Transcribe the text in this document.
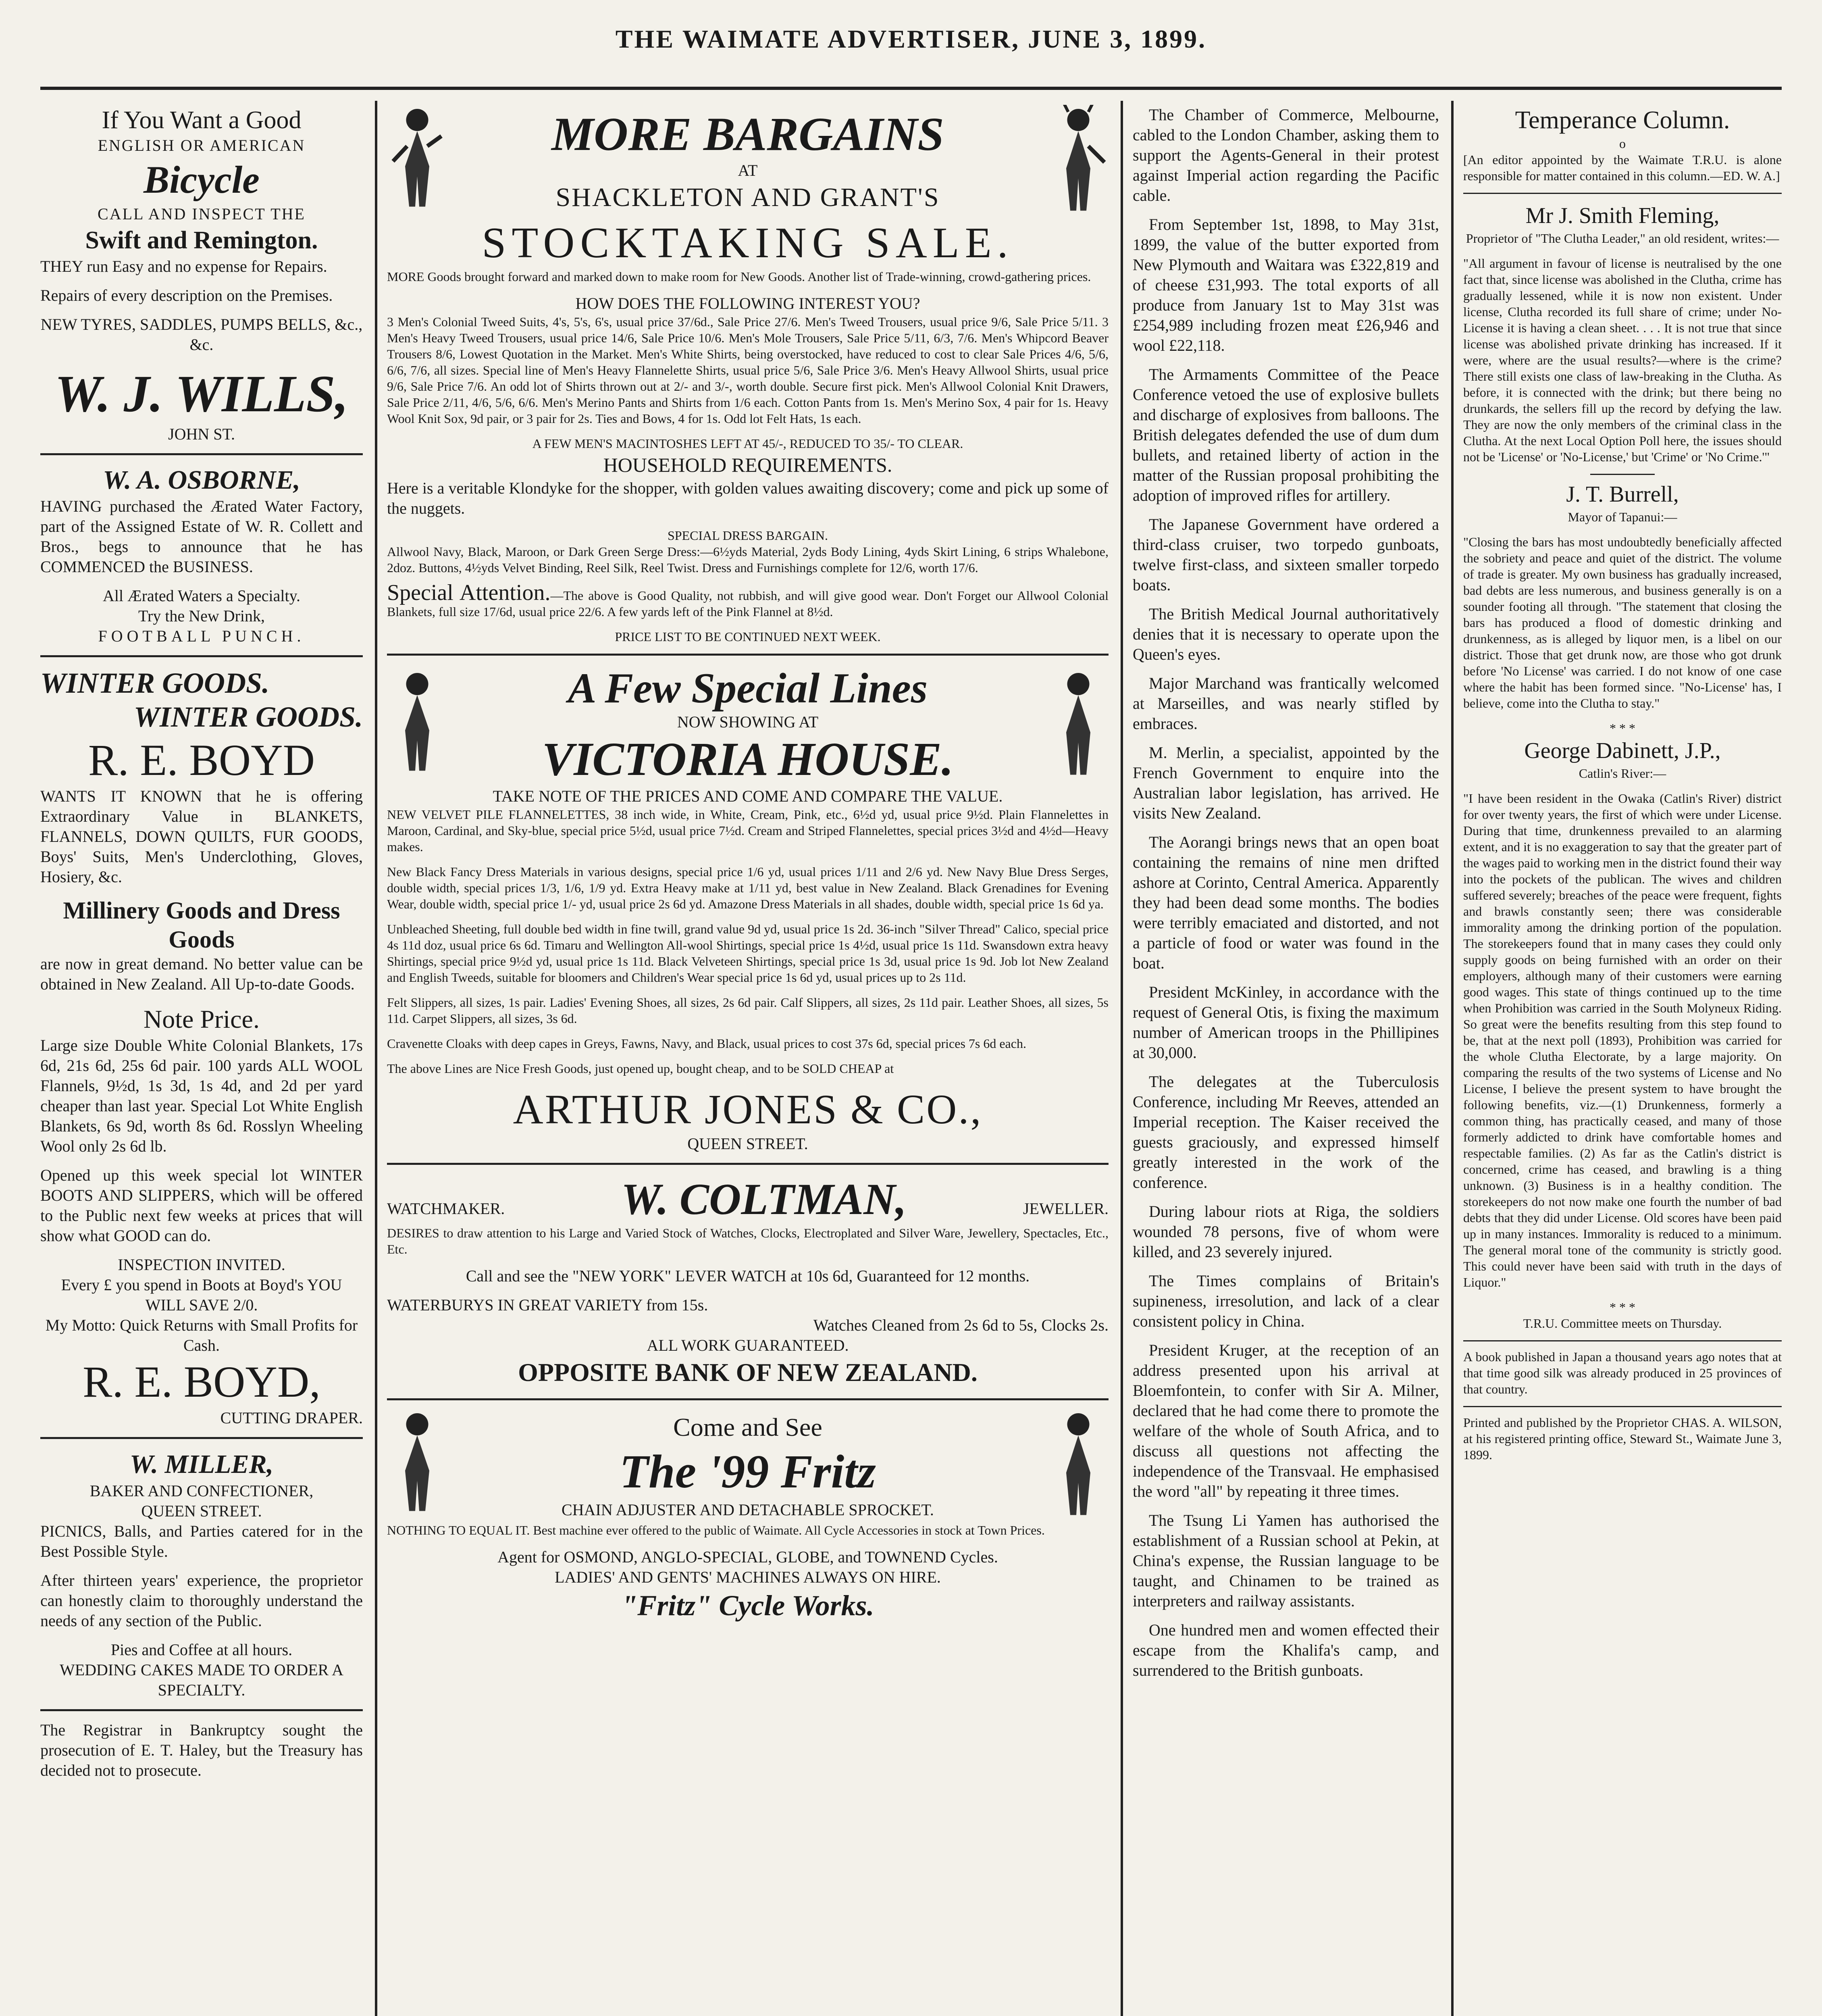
THE WAIMATE ADVERTISER, JUNE 3, 1899.
If You Want a Good
ENGLISH OR AMERICAN
Bicycle
CALL AND INSPECT THE
Swift and Remington.

THEY run Easy and no expense for Repairs.

Repairs of every description on the Premises.

NEW TYRES, SADDLES, PUMPS BELLS, &c., &c.

W. J. WILLS,
JOHN ST.
W. A. OSBORNE,

HAVING purchased the Ærated Water Factory, part of the Assigned Estate of W. R. Collett and Bros., begs to announce that he has COMMENCED the BUSINESS.

All Ærated Waters a Specialty.
Try the New Drink,
FOOTBALL PUNCH.
WINTER GOODS.
WINTER GOODS.
R. E. BOYD

WANTS IT KNOWN that he is offering Extraordinary Value in BLANKETS, FLANNELS, DOWN QUILTS, FUR GOODS, Boys' Suits, Men's Underclothing, Gloves, Hosiery, &c.

Millinery Goods and Dress Goods

are now in great demand. No better value can be obtained in New Zealand. All Up-to-date Goods.

Note Price.

Large size Double White Colonial Blankets, 17s 6d, 21s 6d, 25s 6d pair. 100 yards ALL WOOL Flannels, 9½d, 1s 3d, 1s 4d, and 2d per yard cheaper than last year. Special Lot White English Blankets, 6s 9d, worth 8s 6d. Rosslyn Wheeling Wool only 2s 6d lb.

Opened up this week special lot WINTER BOOTS AND SLIPPERS, which will be offered to the Public next few weeks at prices that will show what GOOD can do.

INSPECTION INVITED.
Every £ you spend in Boots at Boyd's YOU WILL SAVE 2/0.
My Motto: Quick Returns with Small Profits for Cash.
R. E. BOYD,
CUTTING DRAPER.
W. MILLER,
BAKER AND CONFECTIONER,
QUEEN STREET.

PICNICS, Balls, and Parties catered for in the Best Possible Style.

After thirteen years' experience, the proprietor can honestly claim to thoroughly understand the needs of any section of the Public.

Pies and Coffee at all hours.

WEDDING CAKES MADE TO ORDER A SPECIALTY.

The Registrar in Bankruptcy sought the prosecution of E. T. Haley, but the Treasury has decided not to prosecute.

MORE BARGAINS
AT
SHACKLETON AND GRANT'S
STOCKTAKING SALE.

MORE Goods brought forward and marked down to make room for New Goods. Another list of Trade-winning, crowd-gathering prices.

HOW DOES THE FOLLOWING INTEREST YOU?

3 Men's Colonial Tweed Suits, 4's, 5's, 6's, usual price 37/6d., Sale Price 27/6. Men's Tweed Trousers, usual price 9/6, Sale Price 5/11. 3 Men's Heavy Tweed Trousers, usual price 14/6, Sale Price 10/6. Men's Mole Trousers, Sale Price 5/11, 6/3, 7/6. Men's Whipcord Beaver Trousers 8/6, Lowest Quotation in the Market. Men's White Shirts, being overstocked, have reduced to cost to clear Sale Prices 4/6, 5/6, 6/6, 7/6, all sizes. Special line of Men's Heavy Flannelette Shirts, usual price 5/6, Sale Price 3/6. Men's Heavy Allwool Shirts, usual price 9/6, Sale Price 7/6. An odd lot of Shirts thrown out at 2/- and 3/-, worth double. Secure first pick. Men's Allwool Colonial Knit Drawers, Sale Price 2/11, 4/6, 5/6, 6/6. Men's Merino Pants and Shirts from 1/6 each. Cotton Pants from 1s. Men's Merino Sox, 4 pair for 1s. Heavy Wool Knit Sox, 9d pair, or 3 pair for 2s. Ties and Bows, 4 for 1s. Odd lot Felt Hats, 1s each.

A FEW MEN'S MACINTOSHES LEFT AT 45/-, REDUCED TO 35/- TO CLEAR.
HOUSEHOLD REQUIREMENTS.

Here is a veritable Klondyke for the shopper, with golden values awaiting discovery; come and pick up some of the nuggets.

SPECIAL DRESS BARGAIN.

Allwool Navy, Black, Maroon, or Dark Green Serge Dress:—6½yds Material, 2yds Body Lining, 4yds Skirt Lining, 6 strips Whalebone, 2doz. Buttons, 4½yds Velvet Binding, Reel Silk, Reel Twist. Dress and Furnishings complete for 12/6, worth 17/6.

Special Attention.—The above is Good Quality, not rubbish, and will give good wear. Don't Forget our Allwool Colonial Blankets, full size 17/6d, usual price 22/6. A few yards left of the Pink Flannel at 8½d.

PRICE LIST TO BE CONTINUED NEXT WEEK.
A Few Special Lines
NOW SHOWING AT
VICTORIA HOUSE.
TAKE NOTE OF THE PRICES AND COME AND COMPARE THE VALUE.

NEW VELVET PILE FLANNELETTES, 38 inch wide, in White, Cream, Pink, etc., 6½d yd, usual price 9½d. Plain Flannelettes in Maroon, Cardinal, and Sky-blue, special price 5½d, usual price 7½d. Cream and Striped Flannelettes, special prices 3½d and 4½d—Heavy makes.

New Black Fancy Dress Materials in various designs, special price 1/6 yd, usual prices 1/11 and 2/6 yd. New Navy Blue Dress Serges, double width, special prices 1/3, 1/6, 1/9 yd. Extra Heavy make at 1/11 yd, best value in New Zealand. Black Grenadines for Evening Wear, double width, special price 1/- yd, usual price 2s 6d yd. Amazone Dress Materials in all shades, double width, special price 1s 6d ya.

Unbleached Sheeting, full double bed width in fine twill, grand value 9d yd, usual price 1s 2d. 36-inch "Silver Thread" Calico, special price 4s 11d doz, usual price 6s 6d. Timaru and Wellington All-wool Shirtings, special price 1s 4½d, usual price 1s 11d. Swansdown extra heavy Shirtings, special price 9½d yd, usual price 1s 11d. Black Velveteen Shirtings, special price 1s 3d, usual price 1s 9d. Job lot New Zealand and English Tweeds, suitable for bloomers and Children's Wear special price 1s 6d yd, usual prices up to 2s 11d.

Felt Slippers, all sizes, 1s pair. Ladies' Evening Shoes, all sizes, 2s 6d pair. Calf Slippers, all sizes, 2s 11d pair. Leather Shoes, all sizes, 5s 11d. Carpet Slippers, all sizes, 3s 6d.

Cravenette Cloaks with deep capes in Greys, Fawns, Navy, and Black, usual prices to cost 37s 6d, special prices 7s 6d each.

The above Lines are Nice Fresh Goods, just opened up, bought cheap, and to be SOLD CHEAP at

ARTHUR JONES & CO.,
QUEEN STREET.
WATCHMAKER.	W. COLTMAN,	JEWELLER.

DESIRES to draw attention to his Large and Varied Stock of Watches, Clocks, Electroplated and Silver Ware, Jewellery, Spectacles, Etc., Etc.

Call and see the "NEW YORK" LEVER WATCH at 10s 6d, Guaranteed for 12 months.

WATERBURYS IN GREAT VARIETY from 15s.
Watches Cleaned from 2s 6d to 5s, Clocks 2s.
ALL WORK GUARANTEED.
OPPOSITE BANK OF NEW ZEALAND.
Come and See
The '99 Fritz
CHAIN ADJUSTER AND DETACHABLE SPROCKET.

NOTHING TO EQUAL IT. Best machine ever offered to the public of Waimate. All Cycle Accessories in stock at Town Prices.

Agent for OSMOND, ANGLO-SPECIAL, GLOBE, and TOWNEND Cycles.
LADIES' AND GENTS' MACHINES ALWAYS ON HIRE.
"Fritz" Cycle Works.

The Chamber of Commerce, Melbourne, cabled to the London Chamber, asking them to support the Agents-General in their protest against Imperial action regarding the Pacific cable.

From September 1st, 1898, to May 31st, 1899, the value of the butter exported from New Plymouth and Waitara was £322,819 and of cheese £31,993. The total exports of all produce from January 1st to May 31st was £254,989 including frozen meat £26,946 and wool £22,118.

The Armaments Committee of the Peace Conference vetoed the use of explosive bullets and discharge of explosives from balloons. The British delegates defended the use of dum dum bullets, and retained liberty of action in the matter of the Russian proposal prohibiting the adoption of improved rifles for artillery.

The Japanese Government have ordered a third-class cruiser, two torpedo gunboats, twelve first-class, and sixteen smaller torpedo boats.

The British Medical Journal authoritatively denies that it is necessary to operate upon the Queen's eyes.

Major Marchand was frantically welcomed at Marseilles, and was nearly stifled by embraces.

M. Merlin, a specialist, appointed by the French Government to enquire into the Australian labor legislation, has arrived. He visits New Zealand.

The Aorangi brings news that an open boat containing the remains of nine men drifted ashore at Corinto, Central America. Apparently they had been dead some months. The bodies were terribly emaciated and distorted, and not a particle of food or water was found in the boat.

President McKinley, in accordance with the request of General Otis, is fixing the maximum number of American troops in the Phillipines at 30,000.

The delegates at the Tuberculosis Conference, including Mr Reeves, attended an Imperial reception. The Kaiser received the guests graciously, and expressed himself greatly interested in the work of the conference.

During labour riots at Riga, the soldiers wounded 78 persons, five of whom were killed, and 23 severely injured.

The Times complains of Britain's supineness, irresolution, and lack of a clear consistent policy in China.

President Kruger, at the reception of an address presented upon his arrival at Bloemfontein, to confer with Sir A. Milner, declared that he had come there to promote the welfare of the whole of South Africa, and to discuss all questions not affecting the independence of the Transvaal. He emphasised the word "all" by repeating it three times.

The Tsung Li Yamen has authorised the establishment of a Russian school at Pekin, at China's expense, the Russian language to be taught, and Chinamen to be trained as interpreters and railway assistants.

One hundred men and women effected their escape from the Khalifa's camp, and surrendered to the British gunboats.

Temperance Column.
o

[An editor appointed by the Waimate T.R.U. is alone responsible for matter contained in this column.—ED. W. A.]

Mr J. Smith Fleming,

Proprietor of "The Clutha Leader," an old resident, writes:—

"All argument in favour of license is neutralised by the one fact that, since license was abolished in the Clutha, crime has gradually lessened, while it is now non existent. Under license, Clutha recorded its full share of crime; under No-License it is having a clean sheet. . . . It is not true that since license was abolished private drinking has increased. If it were, where are the usual results?—where is the crime? There still exists one class of law-breaking in the Clutha. As before, it is connected with the drink; but there being no drunkards, the sellers fill up the record by defying the law. They are now the only members of the criminal class in the Clutha. At the next Local Option Poll here, the issues should not be 'License' or 'No-License,' but 'Crime' or 'No Crime.'"

J. T. Burrell,

Mayor of Tapanui:—

"Closing the bars has most undoubtedly beneficially affected the sobriety and peace and quiet of the district. The volume of trade is greater. My own business has gradually increased, bad debts are less numerous, and business generally is on a sounder footing all through. "The statement that closing the bars has produced a flood of domestic drinking and drunkenness, as is alleged by liquor men, is a libel on our district. Those that get drunk now, are those who got drunk before 'No License' was carried. I do not know of one case where the habit has been formed since. "No-License' has, I believe, come into the Clutha to stay."

* * *
George Dabinett, J.P.,

Catlin's River:—

"I have been resident in the Owaka (Catlin's River) district for over twenty years, the first of which were under License. During that time, drunkenness prevailed to an alarming extent, and it is no exaggeration to say that the greater part of the wages paid to working men in the district found their way into the pockets of the publican. The wives and children suffered severely; breaches of the peace were frequent, fights and brawls constantly seen; there was considerable immorality among the drinking portion of the population. The storekeepers found that in many cases they could only supply goods on being furnished with an order on their employers, although many of their customers were earning good wages. This state of things continued up to the time when Prohibition was carried in the South Molyneux Riding. So great were the benefits resulting from this step found to be, that at the next poll (1893), Prohibition was carried for the whole Clutha Electorate, by a large majority. On comparing the results of the two systems of License and No License, I believe the present system to have brought the following benefits, viz.—(1) Drunkenness, formerly a common thing, has practically ceased, and many of those formerly addicted to drink have comfortable homes and respectable families. (2) As far as the Catlin's district is concerned, crime has ceased, and brawling is a thing unknown. (3) Business is in a healthy condition. The storekeepers do not now make one fourth the number of bad debts that they did under License. Old scores have been paid up in many instances. Immorality is reduced to a minimum. The general moral tone of the community is strictly good. This could never have been said with truth in the days of Liquor."

* * *

T.R.U. Committee meets on Thursday.

A book published in Japan a thousand years ago notes that at that time good silk was already produced in 25 provinces of that country.

Printed and published by the Proprietor CHAS. A. WILSON, at his registered printing office, Steward St., Waimate June 3, 1899.
